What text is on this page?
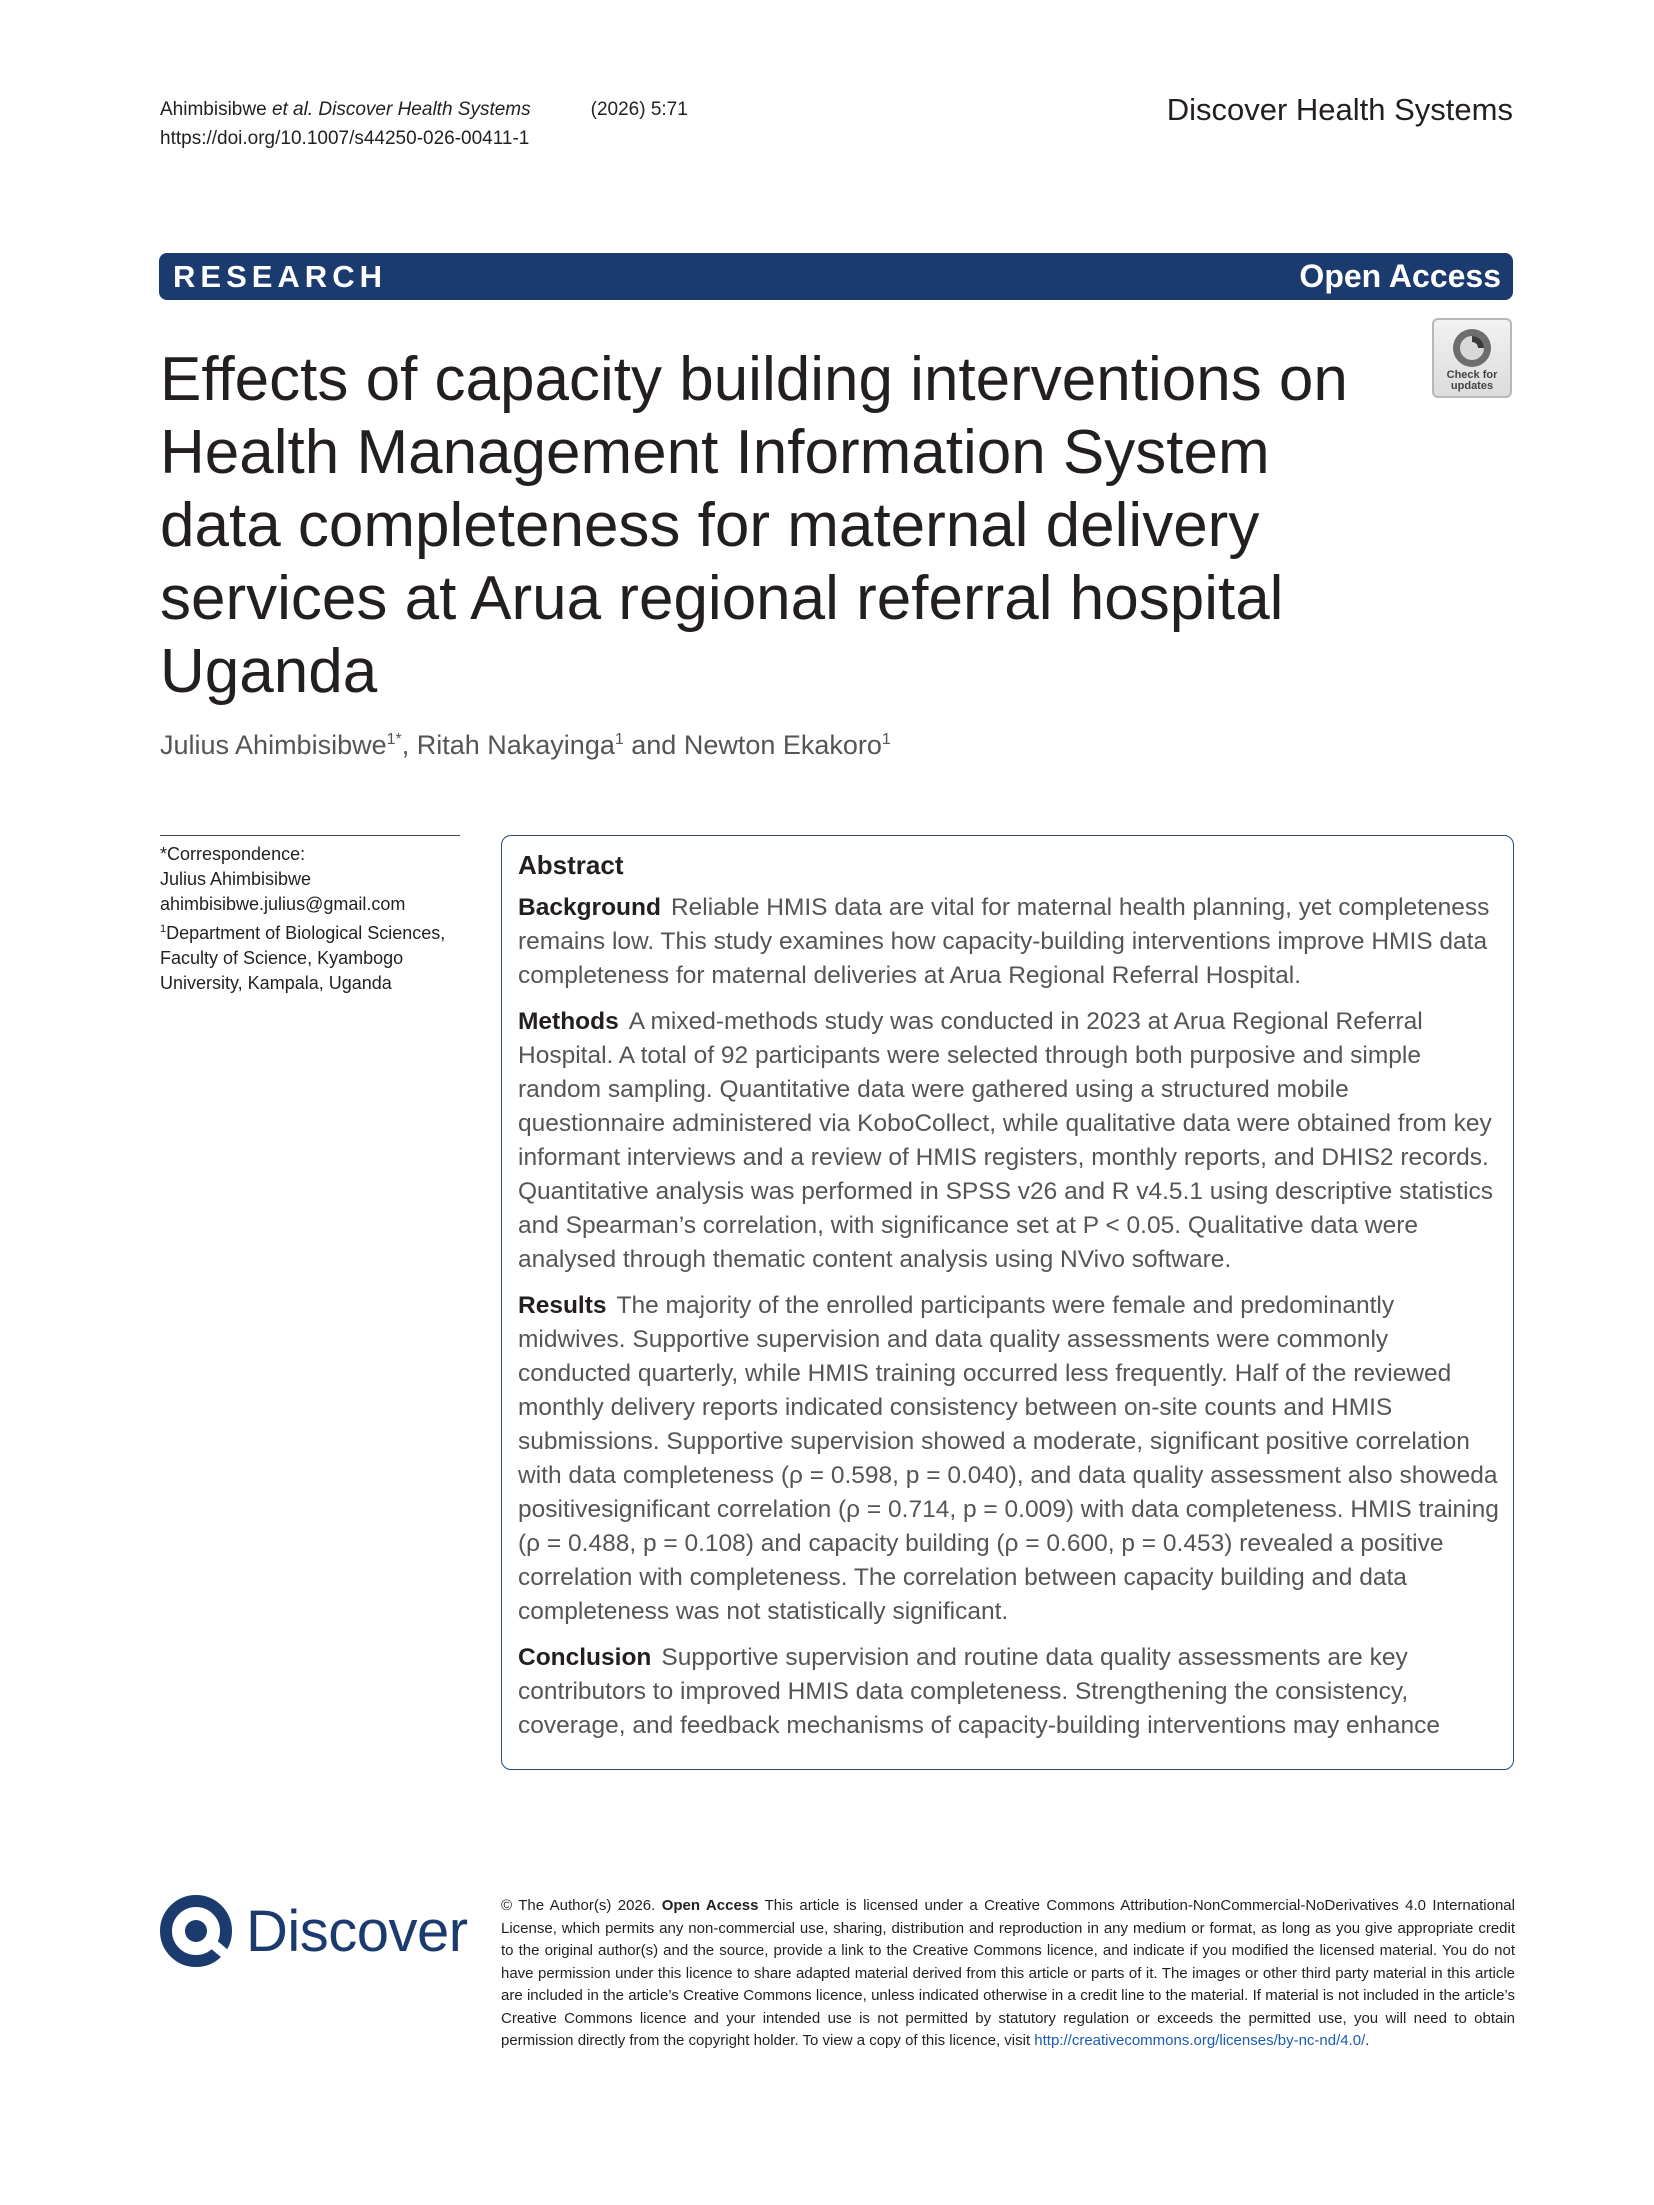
Ahimbisibwe et al. Discover Health Systems	(2026) 5:71
https://doi.org/10.1007/s44250-026-00411-1
Discover Health Systems
RESEARCH	Open Access
Check for
updates
Effects of capacity building interventions on Health Management Information System data completeness for maternal delivery services at Arua regional referral hospital Uganda
Julius Ahimbisibwe$^{1*}$, Ritah Nakayinga$^1$ and Newton Ekakoro$^1$

*Correspondence:

Julius Ahimbisibwe

ahimbisibwe.julius@gmail.com

$^1$Department of Biological Sciences, Faculty of Science, Kyambogo University, Kampala, Uganda

Abstract

Background Reliable HMIS data are vital for maternal health planning, yet completeness remains low. This study examines how capacity-building interventions improve HMIS data completeness for maternal deliveries at Arua Regional Referral Hospital.

Methods A mixed-methods study was conducted in 2023 at Arua Regional Referral Hospital. A total of 92 participants were selected through both purposive and simple random sampling. Quantitative data were gathered using a structured mobile questionnaire administered via KoboCollect, while qualitative data were obtained from key informant interviews and a review of HMIS registers, monthly reports, and DHIS2 records. Quantitative analysis was performed in SPSS v26 and R v4.5.1 using descriptive statistics and Spearman’s correlation, with significance set at P < 0.05. Qualitative data were analysed through thematic content analysis using NVivo software.

Results The majority of the enrolled participants were female and predominantly midwives. Supportive supervision and data quality assessments were commonly conducted quarterly, while HMIS training occurred less frequently. Half of the reviewed monthly delivery reports indicated consistency between on-site counts and HMIS submissions. Supportive supervision showed a moderate, significant positive correlation with data completeness (ρ = 0.598, p = 0.040), and data quality assessment also showeda positivesignificant correlation (ρ = 0.714, p = 0.009) with data completeness. HMIS training (ρ = 0.488, p = 0.108) and capacity building (ρ = 0.600, p = 0.453) revealed a positive correlation with completeness. The correlation between capacity building and data completeness was not statistically significant.

Conclusion Supportive supervision and routine data quality assessments are key contributors to improved HMIS data completeness. Strengthening the consistency, coverage, and feedback mechanisms of capacity-building interventions may enhance

Discover © The Author(s) 2026. Open Access This article is licensed under a Creative Commons Attribution-NonCommercial-NoDerivatives 4.0 International License, which permits any non-commercial use, sharing, distribution and reproduction in any medium or format, as long as you give appropriate credit to the original author(s) and the source, provide a link to the Creative Commons licence, and indicate if you modified the licensed material. You do not have permission under this licence to share adapted material derived from this article or parts of it. The images or other third party material in this article are included in the article’s Creative Commons licence, unless indicated otherwise in a credit line to the material. If material is not included in the article’s Creative Commons licence and your intended use is not permitted by statutory regulation or exceeds the permitted use, you will need to obtain permission directly from the copyright holder. To view a copy of this licence, visit http://creativecommons.org/licenses/by-nc-nd/4.0/.
